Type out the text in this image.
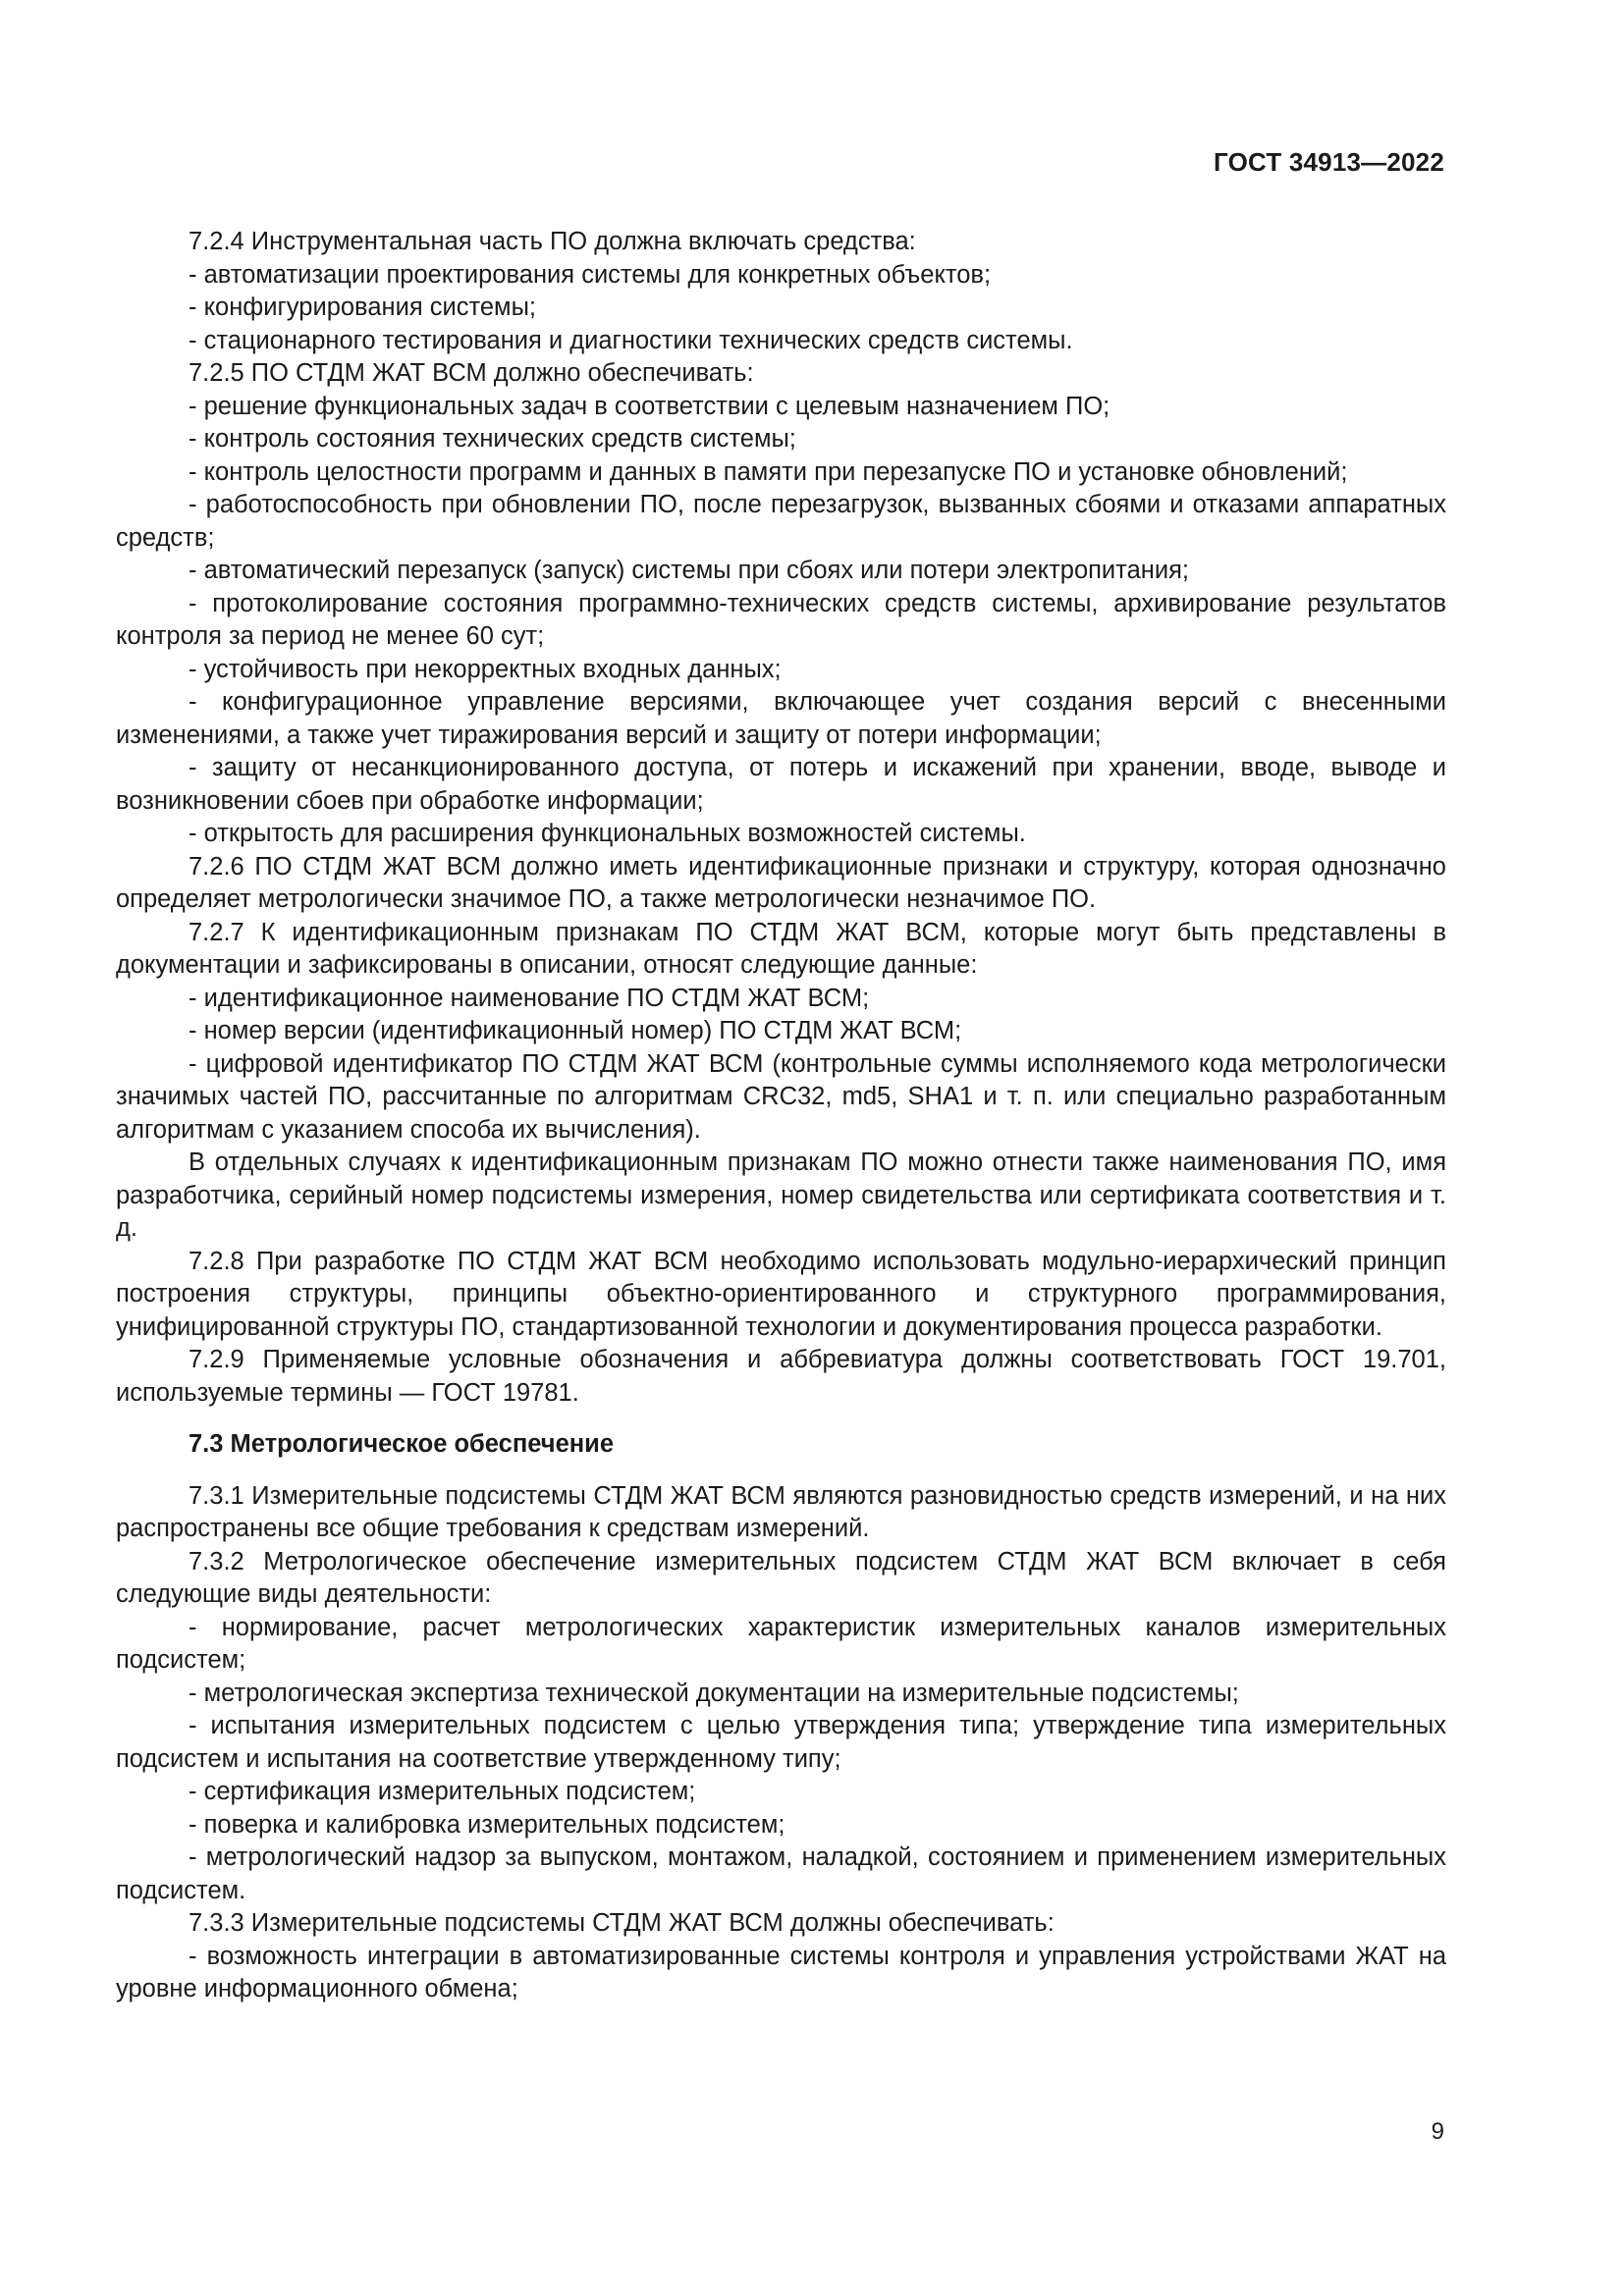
ГОСТ 34913—2022

7.2.4 Инструментальная часть ПО должна включать средства:

- автоматизации проектирования системы для конкретных объектов;

- конфигурирования системы;

- стационарного тестирования и диагностики технических средств системы.

7.2.5 ПО СТДМ ЖАТ ВСМ должно обеспечивать:

- решение функциональных задач в соответствии с целевым назначением ПО;

- контроль состояния технических средств системы;

- контроль целостности программ и данных в памяти при перезапуске ПО и установке обновлений;

- работоспособность при обновлении ПО, после перезагрузок, вызванных сбоями и отказами аппаратных средств;

- автоматический перезапуск (запуск) системы при сбоях или потери электропитания;

- протоколирование состояния программно-технических средств системы, архивирование результатов контроля за период не менее 60 сут;

- устойчивость при некорректных входных данных;

- конфигурационное управление версиями, включающее учет создания версий с внесенными изменениями, а также учет тиражирования версий и защиту от потери информации;

- защиту от несанкционированного доступа, от потерь и искажений при хранении, вводе, выводе и возникновении сбоев при обработке информации;

- открытость для расширения функциональных возможностей системы.

7.2.6 ПО СТДМ ЖАТ ВСМ должно иметь идентификационные признаки и структуру, которая однозначно определяет метрологически значимое ПО, а также метрологически незначимое ПО.

7.2.7 К идентификационным признакам ПО СТДМ ЖАТ ВСМ, которые могут быть представлены в документации и зафиксированы в описании, относят следующие данные:

- идентификационное наименование ПО СТДМ ЖАТ ВСМ;

- номер версии (идентификационный номер) ПО СТДМ ЖАТ ВСМ;

- цифровой идентификатор ПО СТДМ ЖАТ ВСМ (контрольные суммы исполняемого кода метрологически значимых частей ПО, рассчитанные по алгоритмам CRC32, md5, SHA1 и т. п. или специально разработанным алгоритмам с указанием способа их вычисления).

В отдельных случаях к идентификационным признакам ПО можно отнести также наименования ПО, имя разработчика, серийный номер подсистемы измерения, номер свидетельства или сертификата соответствия и т. д.

7.2.8 При разработке ПО СТДМ ЖАТ ВСМ необходимо использовать модульно-иерархический принцип построения структуры, принципы объектно-ориентированного и структурного программирования, унифицированной структуры ПО, стандартизованной технологии и документирования процесса разработки.

7.2.9 Применяемые условные обозначения и аббревиатура должны соответствовать ГОСТ 19.701, используемые термины — ГОСТ 19781.

7.3 Метрологическое обеспечение

7.3.1 Измерительные подсистемы СТДМ ЖАТ ВСМ являются разновидностью средств измерений, и на них распространены все общие требования к средствам измерений.

7.3.2 Метрологическое обеспечение измерительных подсистем СТДМ ЖАТ ВСМ включает в себя следующие виды деятельности:

- нормирование, расчет метрологических характеристик измерительных каналов измерительных подсистем;

- метрологическая экспертиза технической документации на измерительные подсистемы;

- испытания измерительных подсистем с целью утверждения типа; утверждение типа измерительных подсистем и испытания на соответствие утвержденному типу;

- сертификация измерительных подсистем;

- поверка и калибровка измерительных подсистем;

- метрологический надзор за выпуском, монтажом, наладкой, состоянием и применением измерительных подсистем.

7.3.3 Измерительные подсистемы СТДМ ЖАТ ВСМ должны обеспечивать:

- возможность интеграции в автоматизированные системы контроля и управления устройствами ЖАТ на уровне информационного обмена;

9
